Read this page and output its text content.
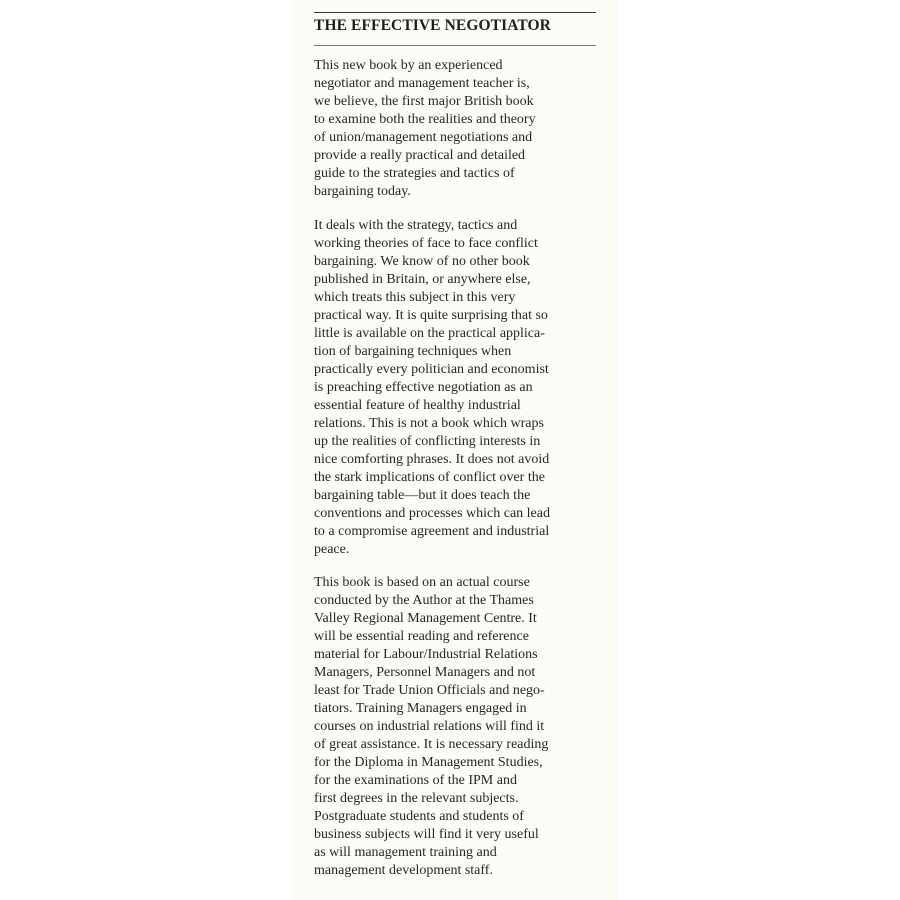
THE EFFECTIVE NEGOTIATOR
This new book by an experienced
negotiator and management teacher is,
we believe, the first major British book
to examine both the realities and theory
of union/management negotiations and
provide a really practical and detailed
guide to the strategies and tactics of
bargaining today.
It deals with the strategy, tactics and
working theories of face to face conflict
bargaining. We know of no other book
published in Britain, or anywhere else,
which treats this subject in this very
practical way. It is quite surprising that so
little is available on the practical applica-
tion of bargaining techniques when
practically every politician and economist
is preaching effective negotiation as an
essential feature of healthy industrial
relations. This is not a book which wraps
up the realities of conflicting interests in
nice comforting phrases. It does not avoid
the stark implications of conflict over the
bargaining table—but it does teach the
conventions and processes which can lead
to a compromise agreement and industrial
peace.
This book is based on an actual course
conducted by the Author at the Thames
Valley Regional Management Centre. It
will be essential reading and reference
material for Labour/Industrial Relations
Managers, Personnel Managers and not
least for Trade Union Officials and nego-
tiators. Training Managers engaged in
courses on industrial relations will find it
of great assistance. It is necessary reading
for the Diploma in Management Studies,
for the examinations of the IPM and
first degrees in the relevant subjects.
Postgraduate students and students of
business subjects will find it very useful
as will management training and
management development staff.
